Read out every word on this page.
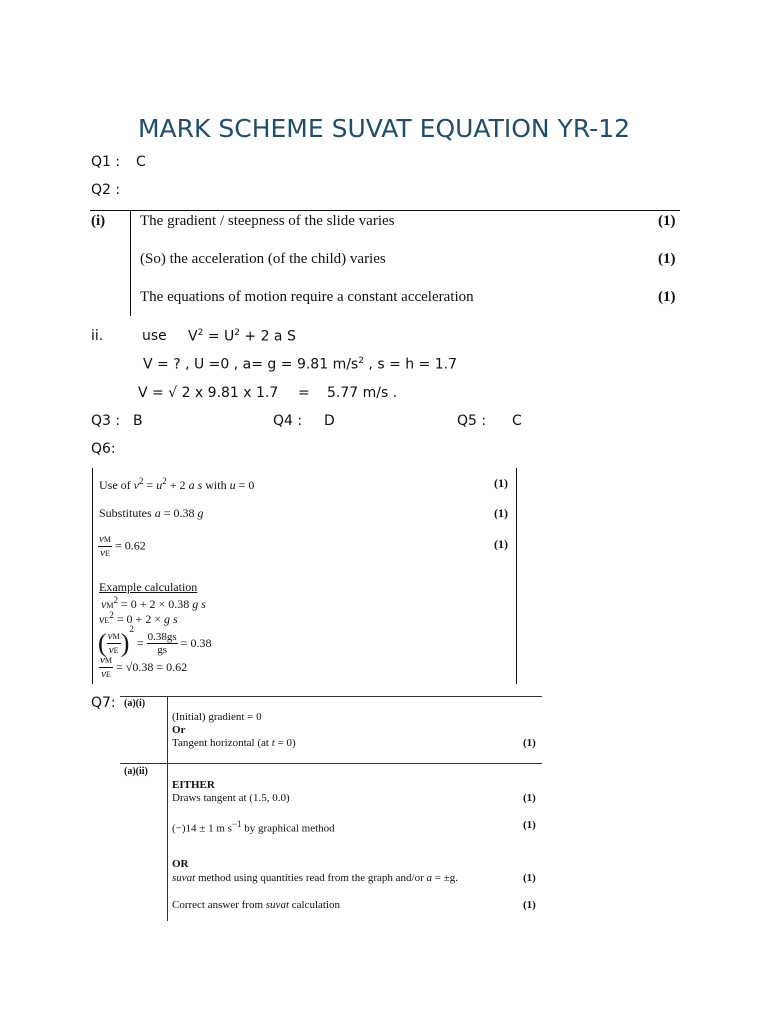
MARK SCHEME SUVAT EQUATION YR-12
Q1 : C
Q2 :
(i) The gradient / steepness of the slide varies	(1)
(So) the acceleration (of the child) varies	(1)
The equations of motion require a constant acceleration	(1)
ii.	use $V^2 = U^2 + 2$ a S
V = ? , U =0 , a= g = 9.81 $m/s^2$ , s = h = 1.7
V = √ 2 x 9.81 x 1.7 = 5.77 m/s .
Q3 : B	Q4 : D	Q5 : C
Q6:
Use of $v^2 = u^2 + 2$ a s with u = 0	(1)
Substitutes a = 0.38 g	(1)
$\frac{vM}{vE} = 0.62$	(1)
Example calculation
$vM^2 = 0 + 2 \times 0.38$ g s
$vE^2 = 0 + 2 \times g$ s
( $\frac{vM}{vE} )^2 = \frac{0.38gs}{gs} = 0.38$
$\frac{vM}{vE} = √0.38 = 0.62$
Q7: (a)(i)
(Initial) gradient = 0
Or
Tangent horizontal (at t = 0)	(1)
(a)(ii)
EITHER
Draws tangent at (1.5, 0.0)	(1)
(−)14 ± 1 m $s^{-1}$ by graphical method	(1)
OR
suvat method using quantities read from the graph and/or a = ±g.	(1)
Correct answer from suvat calculation	(1)
